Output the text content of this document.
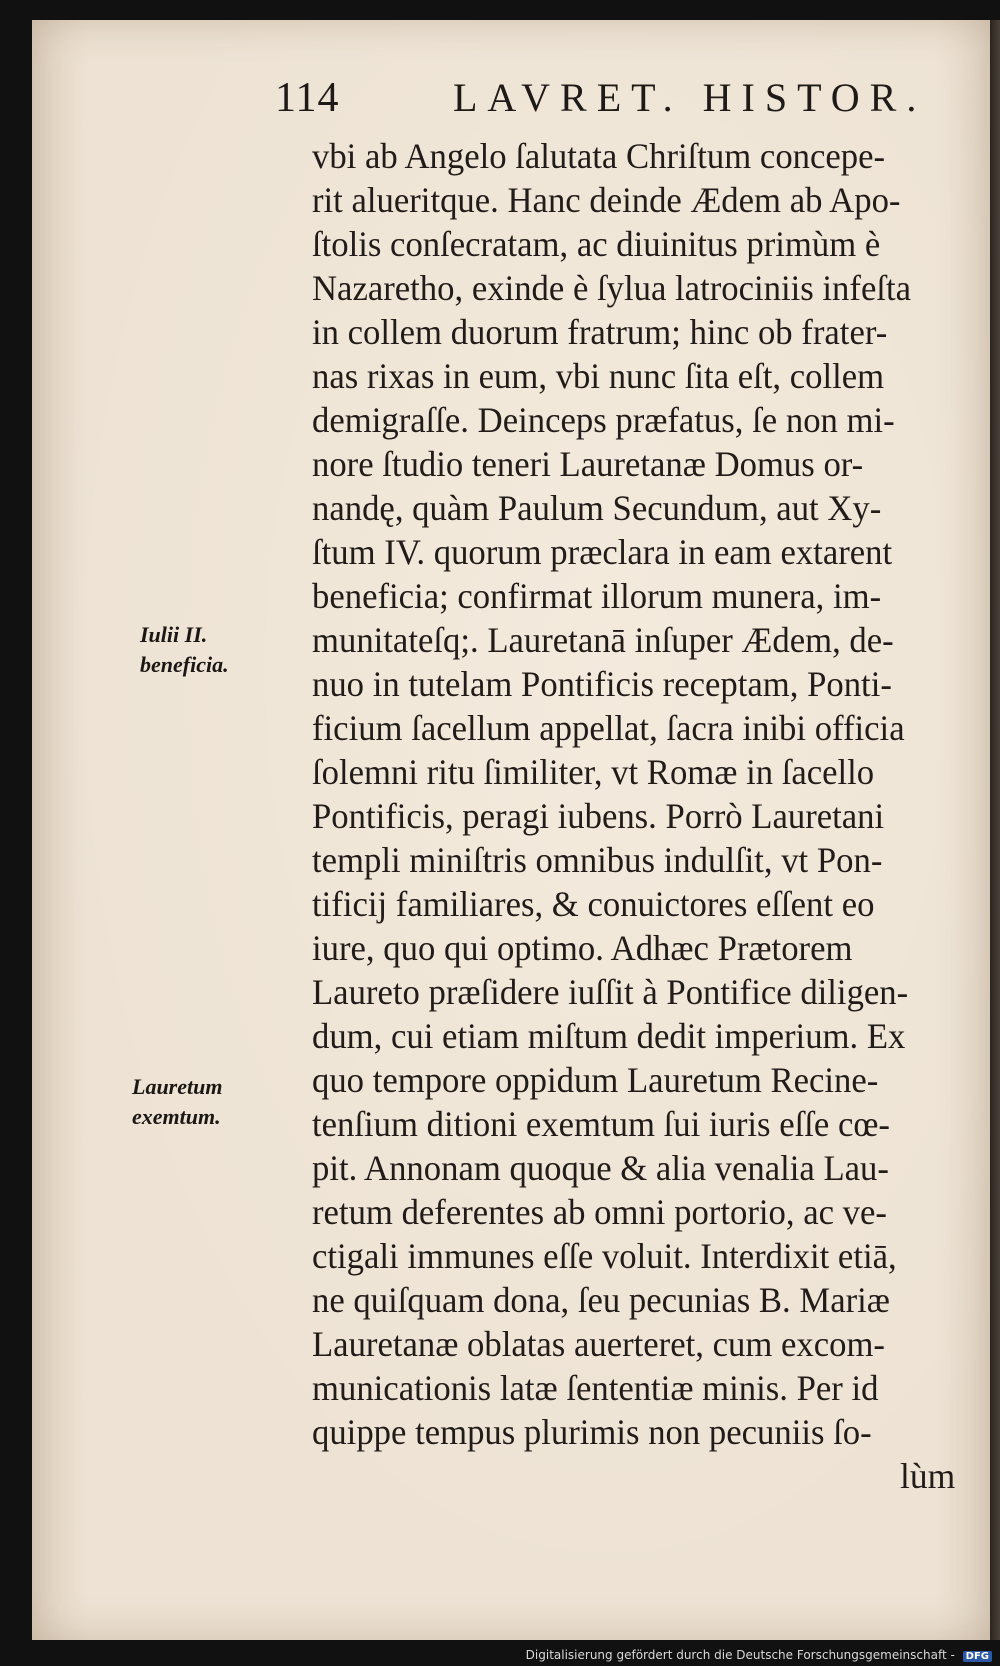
114	LAVRET. HISTOR.
vbi ab Angelo ſalutata Chriſtum concepe-
rit alueritque. Hanc deinde Ædem ab Apo-
ſtolis conſecratam, ac diuinitus primùm è
Nazaretho, exinde è ſylua latrociniis infeſta
in collem duorum fratrum; hinc ob frater-
nas rixas in eum, vbi nunc ſita eſt, collem
demigraſſe. Deinceps præfatus, ſe non mi-
nore ſtudio teneri Lauretanæ Domus or-
nandę, quàm Paulum Secundum, aut Xy-
ſtum IV. quorum præclara in eam extarent
beneficia; confirmat illorum munera, im-
munitateſq;. Lauretanā inſuper Ædem, de-
nuo in tutelam Pontificis receptam, Ponti-
ficium ſacellum appellat, ſacra inibi officia
ſolemni ritu ſimiliter, vt Romæ in ſacello
Pontificis, peragi iubens. Porrò Lauretani
templi miniſtris omnibus indulſit, vt Pon-
tificij familiares, & conuictores eſſent eo
iure, quo qui optimo. Adhæc Prætorem
Laureto præſidere iuſſit à Pontifice diligen-
dum, cui etiam miſtum dedit imperium. Ex
quo tempore oppidum Lauretum Recine-
tenſium ditioni exemtum ſui iuris eſſe cœ-
pit. Annonam quoque & alia venalia Lau-
retum deferentes ab omni portorio, ac ve-
ctigali immunes eſſe voluit. Interdixit etiā,
ne quiſquam dona, ſeu pecunias B. Mariæ
Lauretanæ oblatas auerteret, cum excom-
municationis latæ ſententiæ minis. Per id
quippe tempus plurimis non pecuniis ſo-
lùm
Iulii II.
beneficia.
Lauretum
exemtum.
Digitalisierung gefördert durch die Deutsche Forschungsgemeinschaft - DFG
